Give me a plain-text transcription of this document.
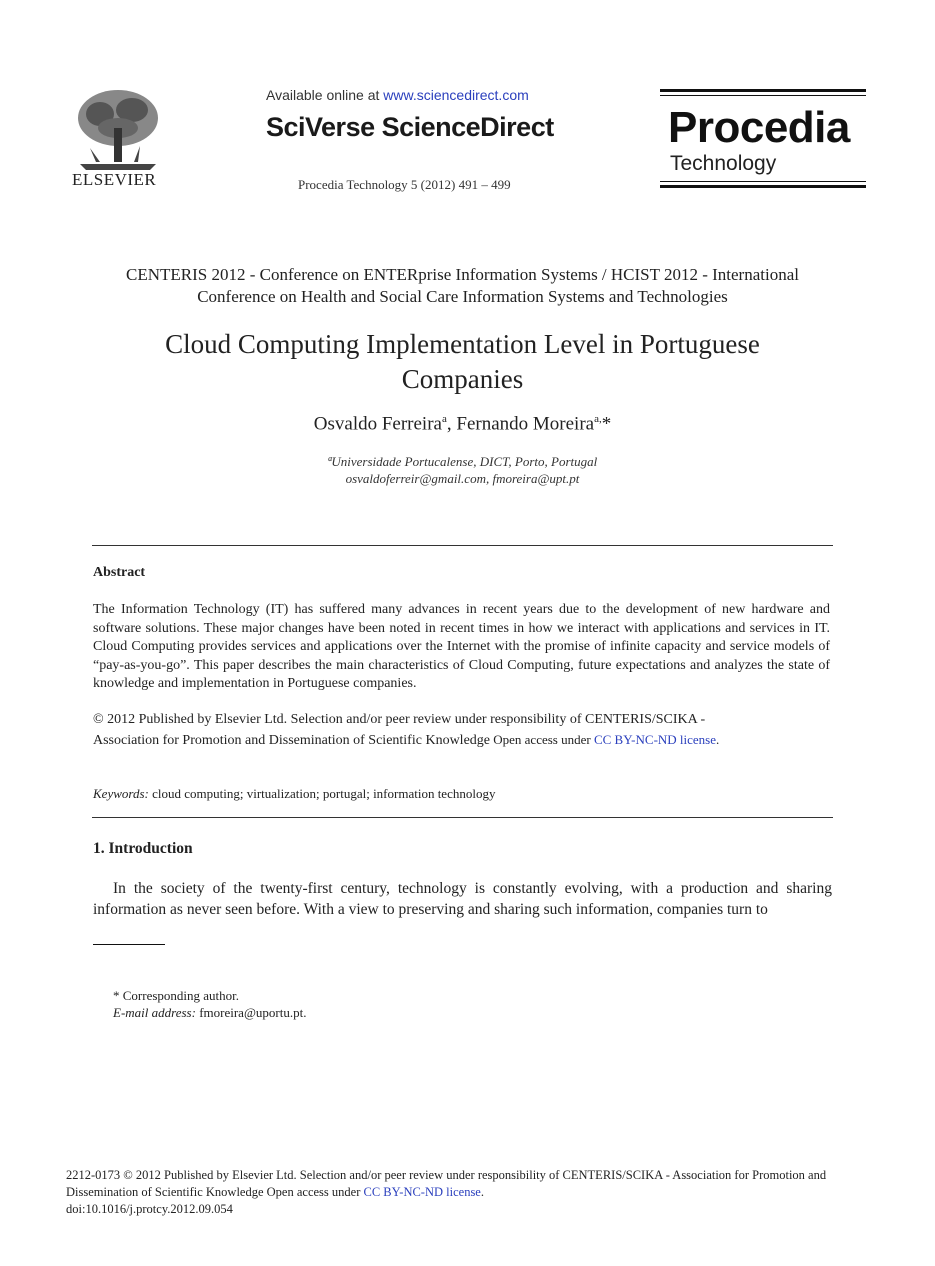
ELSEVIER
Available online at www.sciencedirect.com
SciVerse ScienceDirect
Procedia Technology 5 (2012) 491 – 499
Procedia
Technology
CENTERIS 2012 - Conference on ENTERprise Information Systems / HCIST 2012 - International
Conference on Health and Social Care Information Systems and Technologies
Cloud Computing Implementation Level in Portuguese
Companies
Osvaldo Ferreira$^a$, Fernando Moreira$^{a,}$*
ªUniversidade Portucalense, DICT, Porto, Portugal
osvaldoferreir@gmail.com, fmoreira@upt.pt
Abstract
The Information Technology (IT) has suffered many advances in recent years due to the development of new hardware and software solutions. These major changes have been noted in recent times in how we interact with applications and services in IT. Cloud Computing provides services and applications over the Internet with the promise of infinite capacity and service models of “pay-as-you-go”. This paper describes the main characteristics of Cloud Computing, future expectations and analyzes the state of knowledge and implementation in Portuguese companies.
© 2012 Published by Elsevier Ltd. Selection and/or peer review under responsibility of CENTERIS/SCIKA -
Association for Promotion and Dissemination of Scientific Knowledge Open access under CC BY-NC-ND license.
Keywords: cloud computing; virtualization; portugal; information technology
1. Introduction
In the society of the twenty-first century, technology is constantly evolving, with a production and sharing information as never seen before. With a view to preserving and sharing such information, companies turn to
* Corresponding author.
E-mail address: fmoreira@uportu.pt.
2212-0173 © 2012 Published by Elsevier Ltd. Selection and/or peer review under responsibility of CENTERIS/SCIKA - Association for Promotion and Dissemination of Scientific Knowledge Open access under CC BY-NC-ND license.
doi:10.1016/j.protcy.2012.09.054
